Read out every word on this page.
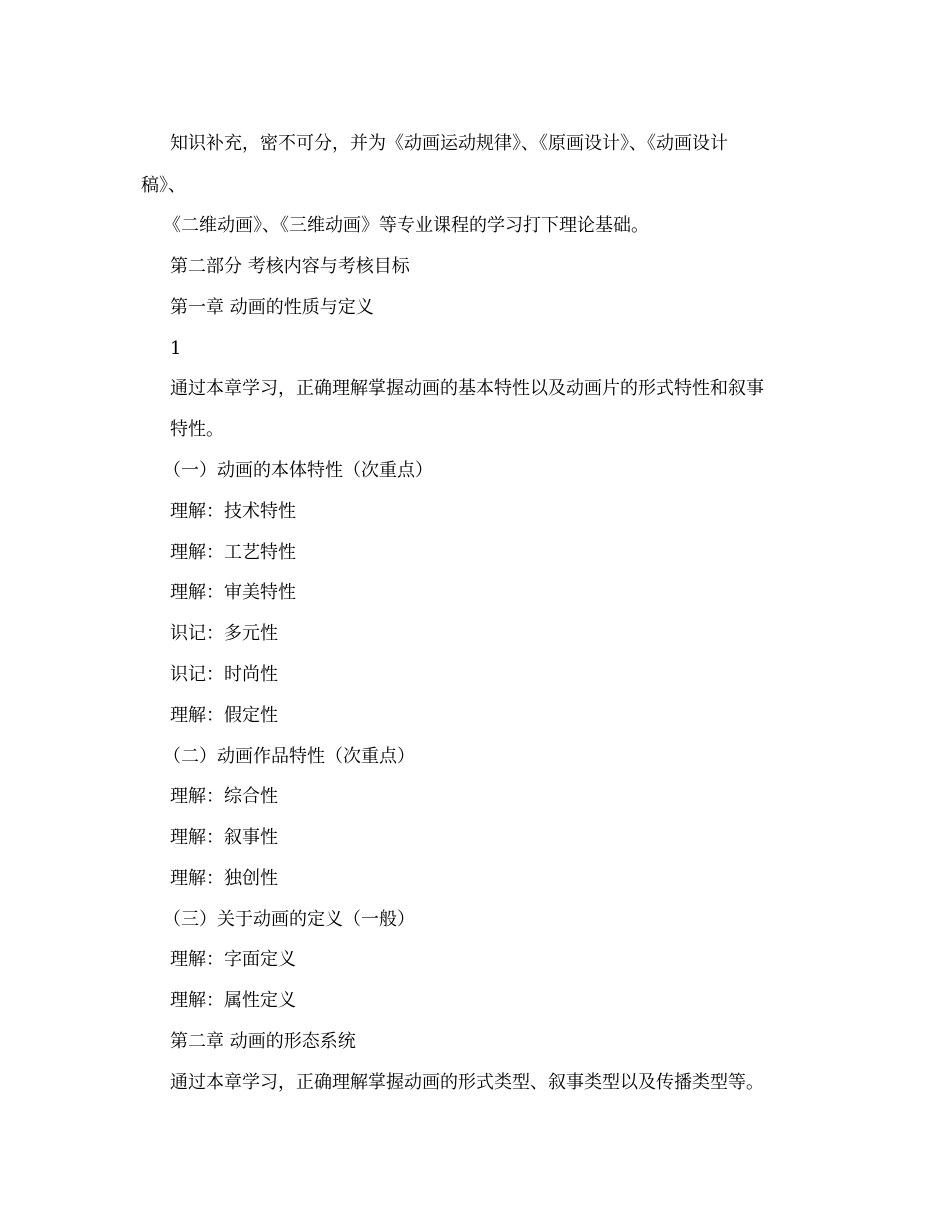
知识补充，密不可分，并为《动画运动规律》、《原画设计》、《动画设计
稿》、
《二维动画》、《三维动画》等专业课程的学习打下理论基础。
第二部分 考核内容与考核目标
第一章 动画的性质与定义
1
通过本章学习，正确理解掌握动画的基本特性以及动画片的形式特性和叙事
特性。
（一）动画的本体特性（次重点）
理解：技术特性
理解：工艺特性
理解：审美特性
识记：多元性
识记：时尚性
理解：假定性
（二）动画作品特性（次重点）
理解：综合性
理解：叙事性
理解：独创性
（三）关于动画的定义（一般）
理解：字面定义
理解：属性定义
第二章 动画的形态系统
通过本章学习，正确理解掌握动画的形式类型、叙事类型以及传播类型等。
